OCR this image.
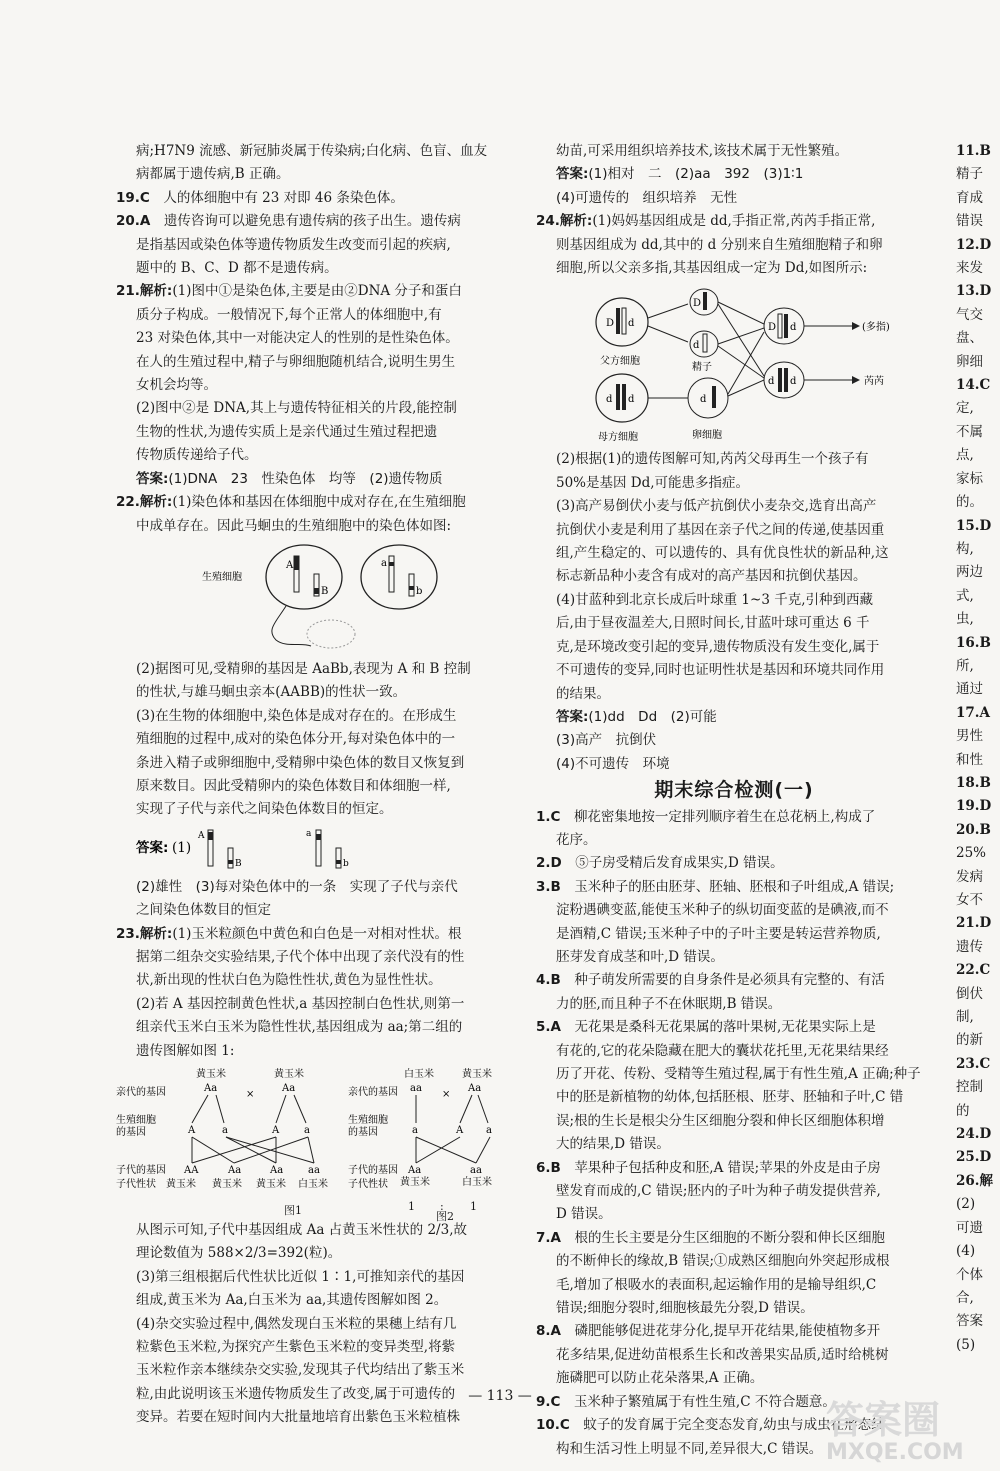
病;H7N9 流感、新冠肺炎属于传染病;白化病、色盲、血友

病都属于遗传病,B 正确。

19.C　 人的体细胞中有 23 对即 46 条染色体。

20.A　 遗传咨询可以避免患有遗传病的孩子出生。遗传病

是指基因或染色体等遗传物质发生改变而引起的疾病,

题中的 B、C、D 都不是遗传病。

21.解析:(1)图中①是染色体,主要是由②DNA 分子和蛋白

质分子构成。一般情况下,每个正常人的体细胞中,有

23 对染色体,其中一对能决定人的性别的是性染色体。

在人的生殖过程中,精子与卵细胞随机结合,说明生男生

女机会均等。

(2)图中②是 DNA,其上与遗传特征相关的片段,能控制

生物的性状,为遗传实质上是亲代通过生殖过程把遗

传物质传递给子代。

答案:(1)DNA　23　性染色体　均等　(2)遗传物质

22.解析:(1)染色体和基因在体细胞中成对存在,在生殖细胞

中成单存在。因此马蛔虫的生殖细胞中的染色体如图:

生殖细胞
A
B
a
b

(2)据图可见,受精卵的基因是 AaBb,表现为 A 和 B 控制

的性状,与雄马蛔虫亲本(AABB)的性状一致。

(3)在生物的体细胞中,染色体是成对存在的。在形成生

殖细胞的过程中,成对的染色体分开,每对染色体中的一

条进入精子或卵细胞中,受精卵中染色体的数目又恢复到

原来数目。因此受精卵内的染色体数目和体细胞一样,

实现了子代与亲代之间染色体数目的恒定。

答案: (1)
A
B
a
b

(2)雄性　(3)每对染色体中的一条　实现了子代与亲代

之间染色体数目的恒定

23.解析:(1)玉米粒颜色中黄色和白色是一对相对性状。根

据第二组杂交实验结果,子代个体中出现了亲代没有的性

状,新出现的性状白色为隐性性状,黄色为显性性状。

(2)若 A 基因控制黄色性状,a 基因控制白色性状,则第一

组亲代玉米白玉米为隐性性状,基因组成为 aa;第二组的

遗传图解如图 1:

黄玉米	黄玉米
亲代的基因	Aa
×
Aa
生殖细胞
的基因	A	a	A a
子代的基因 AA	Aa	Aa aa
子代性状 黄玉米 黄玉米 黄玉米 白玉米
白玉米	黄玉米
亲代的基因 aa
×
Aa
生殖细胞
的基因	a	A a
子代的基因 Aa	aa
子代性状 黄玉米	白玉米
图1	1 : 1
图2

从图示可知,子代中基因组成 Aa 占黄玉米性状的 2/3,故

理论数值为 588×2/3=392(粒)。

(3)第三组根据后代性状比近似 1∶1,可推知亲代的基因

组成,黄玉米为 Aa,白玉米为 aa,其遗传图解如图 2。

(4)杂交实验过程中,偶然发现白玉米粒的果穗上结有几

粒紫色玉米粒,为探究产生紫色玉米粒的变异类型,将紫

玉米粒作亲本继续杂交实验,发现其子代均结出了紫玉米

粒,由此说明该玉米遗传物质发生了改变,属于可遗传的

变异。若要在短时间内大批量地培育出紫色玉米粒植株

幼苗,可采用组织培养技术,该技术属于无性繁殖。

答案:(1)相对　二　(2)aa　392　(3)1∶1

(4)可遗传的　组织培养　无性

24.解析:(1)妈妈基因组成是 dd,手指正常,芮芮手指正常,

则基因组成为 dd,其中的 d 分别来自生殖细胞精子和卵

细胞,所以父亲多指,其基因组成一定为 Dd,如图所示:

D d
父方细胞
d d
母方细胞
D
d
精子
d
卵细胞
D d
d d
(多指)
芮芮

(2)根据(1)的遗传图解可知,芮芮父母再生一个孩子有

50%是基因 Dd,可能患多指症。

(3)高产易倒伏小麦与低产抗倒伏小麦杂交,选育出高产

抗倒伏小麦是利用了基因在亲子代之间的传递,使基因重

组,产生稳定的、可以遗传的、具有优良性状的新品种,这

标志新品种小麦含有成对的高产基因和抗倒伏基因。

(4)甘蓝种到北京长成后叶球重 1~3 千克,引种到西藏

后,由于昼夜温差大,日照时间长,甘蓝叶球可重达 6 千

克,是环境改变引起的变异,遗传物质没有发生变化,属于

不可遗传的变异,同时也证明性状是基因和环境共同作用

的结果。

答案:(1)dd　Dd　(2)可能

(3)高产　抗倒伏

(4)不可遗传　环境

期末综合检测(一)

1.C　 柳花密集地按一定排列顺序着生在总花柄上,构成了

花序。

2.D　 ⑤子房受精后发育成果实,D 错误。

3.B　 玉米种子的胚由胚芽、胚轴、胚根和子叶组成,A 错误;

淀粉遇碘变蓝,能使玉米种子的纵切面变蓝的是碘液,而不

是酒精,C 错误;玉米种子中的子叶主要是转运营养物质,

胚芽发育成茎和叶,D 错误。

4.B　 种子萌发所需要的自身条件是必须具有完整的、有活

力的胚,而且种子不在休眠期,B 错误。

5.A　 无花果是桑科无花果属的落叶果树,无花果实际上是

有花的,它的花朵隐藏在肥大的囊状花托里,无花果结果经

历了开花、传粉、受精等生殖过程,属于有性生殖,A 正确;种子

中的胚是新植物的幼体,包括胚根、胚芽、胚轴和子叶,C 错

误;根的生长是根尖分生区细胞分裂和伸长区细胞体积增

大的结果,D 错误。

6.B　 苹果种子包括种皮和胚,A 错误;苹果的外皮是由子房

壁发育而成的,C 错误;胚内的子叶为种子萌发提供营养,

D 错误。

7.A　 根的生长主要是分生区细胞的不断分裂和伸长区细胞

的不断伸长的缘故,B 错误;①成熟区细胞向外突起形成根

毛,增加了根吸水的表面积,起运输作用的是输导组织,C

错误;细胞分裂时,细胞核最先分裂,D 错误。

8.A　 磷肥能够促进花芽分化,提早开花结果,能使植物多开

花多结果,促进幼苗根系生长和改善果实品质,适时给桃树

施磷肥可以防止花朵落果,A 正确。

9.C　 玉米种子繁殖属于有性生殖,C 不符合题意。

10.C　 蚊子的发育属于完全变态发育,幼虫与成虫在形态结

构和生活习性上明显不同,差异很大,C 错误。

11.B
精子
育成
错误
12.D
来发
13.D
气交
盘、
卵细
14.C
定,
不属
点,
家标
的。
15.D
构,
两边
式,
虫,
16.B
所,
通过
17.A
男性
和性
18.B
19.D
20.B
25%
发病
女不
21.D
遗传
22.C
倒伏
制,
的新
23.C
控制
的
24.D
25.D
26.解
(2)
可遗
(4)
个体
合,
答案
(5)
— 113 —
答案圈
MXQE.COM
